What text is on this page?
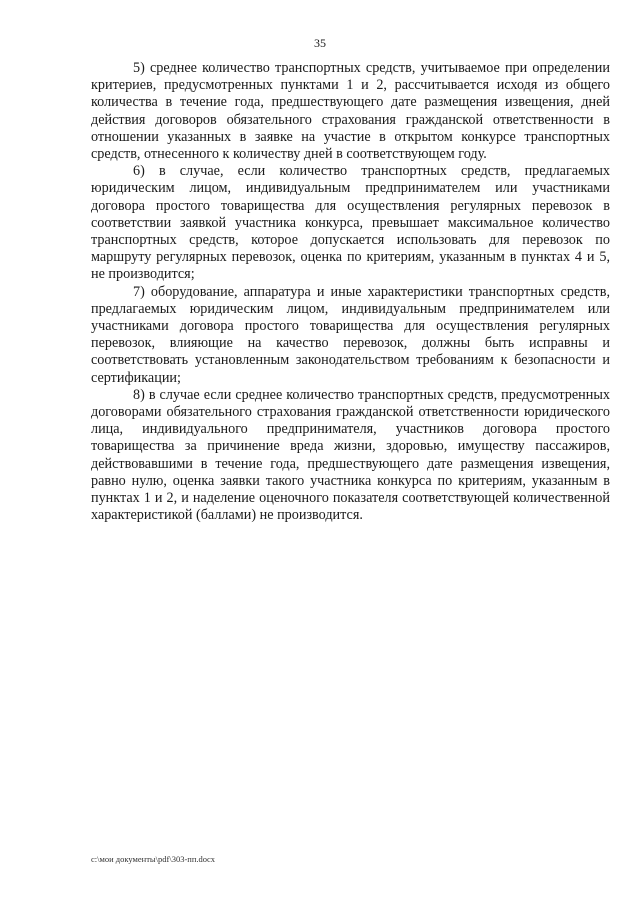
35

5) среднее количество транспортных средств, учитываемое при определении критериев, предусмотренных пунктами 1 и 2, рассчитывается исходя из общего количества в течение года, предшествующего дате размещения извещения, дней действия договоров обязательного страхования гражданской ответственности в отношении указанных в заявке на участие в открытом конкурсе транспортных средств, отнесенного к количеству дней в соответствующем году.

6) в случае, если количество транспортных средств, предлагаемых юридическим лицом, индивидуальным предпринимателем или участниками договора простого товарищества для осуществления регулярных перевозок в соответствии заявкой участника конкурса, превышает максимальное количество транспортных средств, которое допускается использовать для перевозок по маршруту регулярных перевозок, оценка по критериям, указанным в пунктах 4 и 5, не производится;

7) оборудование, аппаратура и иные характеристики транспортных средств, предлагаемых юридическим лицом, индивидуальным предпринимателем или участниками договора простого товарищества для осуществления регулярных перевозок, влияющие на качество перевозок, должны быть исправны и соответствовать установленным законодательством требованиям к безопасности и сертификации;

8) в случае если среднее количество транспортных средств, предусмотренных договорами обязательного страхования гражданской ответственности юридического лица, индивидуального предпринимателя, участников договора простого товарищества за причинение вреда жизни, здоровью, имуществу пассажиров, действовавшими в течение года, предшествующего дате размещения извещения, равно нулю, оценка заявки такого участника конкурса по критериям, указанным в пунктах 1 и 2, и наделение оценочного показателя соответствующей количественной характеристикой (баллами) не производится.

c:\мои документы\pdf\303-пп.docx
